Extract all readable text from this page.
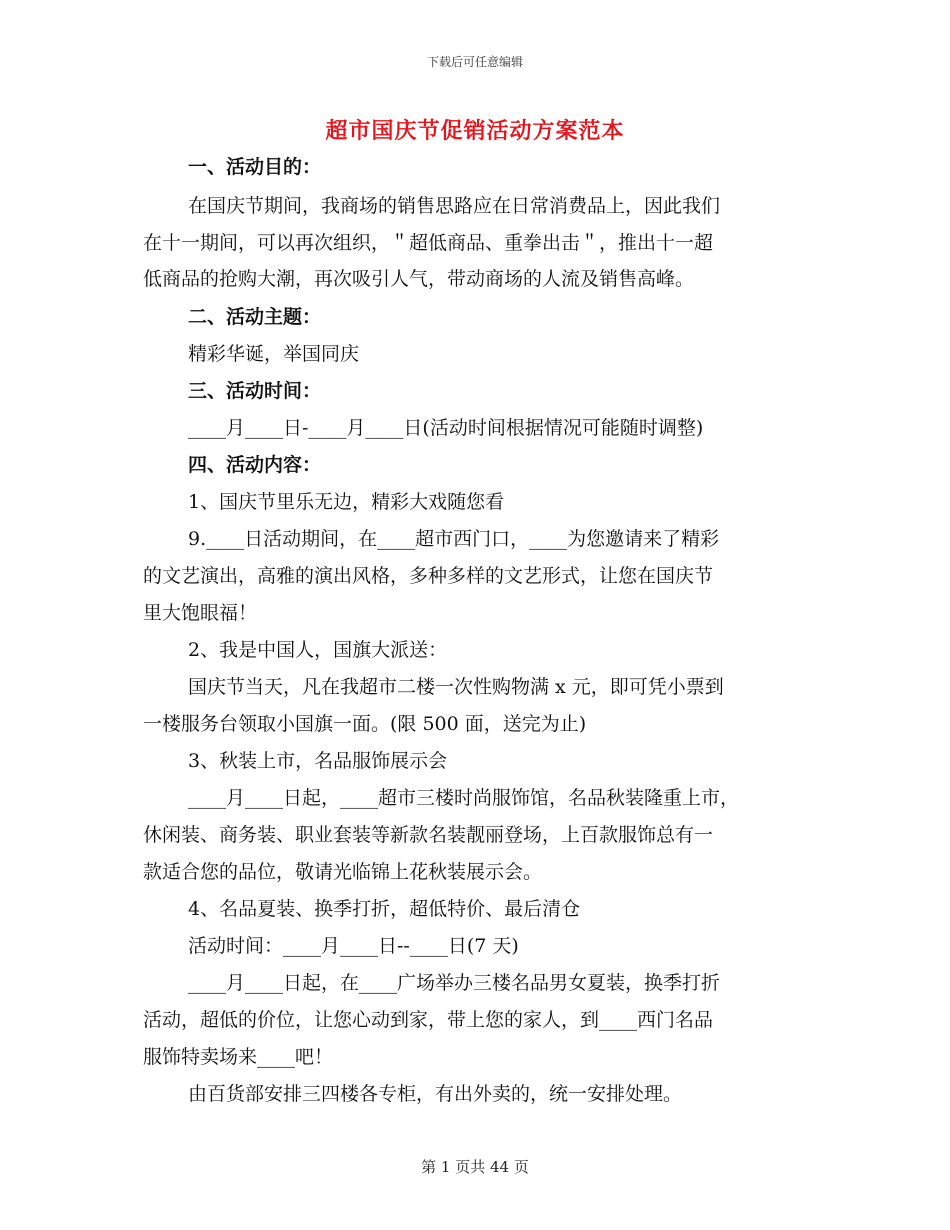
下载后可任意编辑
超市国庆节促销活动方案范本
一、活动目的：
在国庆节期间，我商场的销售思路应在日常消费品上，因此我们
在十一期间，可以再次组织，＂超低商品、重拳出击＂，推出十一超
低商品的抢购大潮，再次吸引人气，带动商场的人流及销售高峰。
二、活动主题：
精彩华诞，举国同庆
三、活动时间：
____月____日-____月____日(活动时间根据情况可能随时调整)
四、活动内容：
1、国庆节里乐无边，精彩大戏随您看
9.____日活动期间，在____超市西门口，____为您邀请来了精彩
的文艺演出，高雅的演出风格，多种多样的文艺形式，让您在国庆节
里大饱眼福！
2、我是中国人，国旗大派送：
国庆节当天，凡在我超市二楼一次性购物满 x 元，即可凭小票到
一楼服务台领取小国旗一面。(限 500 面，送完为止)
3、秋装上市，名品服饰展示会
____月____日起，____超市三楼时尚服饰馆，名品秋装隆重上市，
休闲装、商务装、职业套装等新款名装靓丽登场，上百款服饰总有一
款适合您的品位，敬请光临锦上花秋装展示会。
4、名品夏装、换季打折，超低特价、最后清仓
活动时间：____月____日--____日(7 天)
____月____日起，在____广场举办三楼名品男女夏装，换季打折
活动，超低的价位，让您心动到家，带上您的家人，到____西门名品
服饰特卖场来____吧！
由百货部安排三四楼各专柜，有出外卖的，统一安排处理。
第 1 页共 44 页
